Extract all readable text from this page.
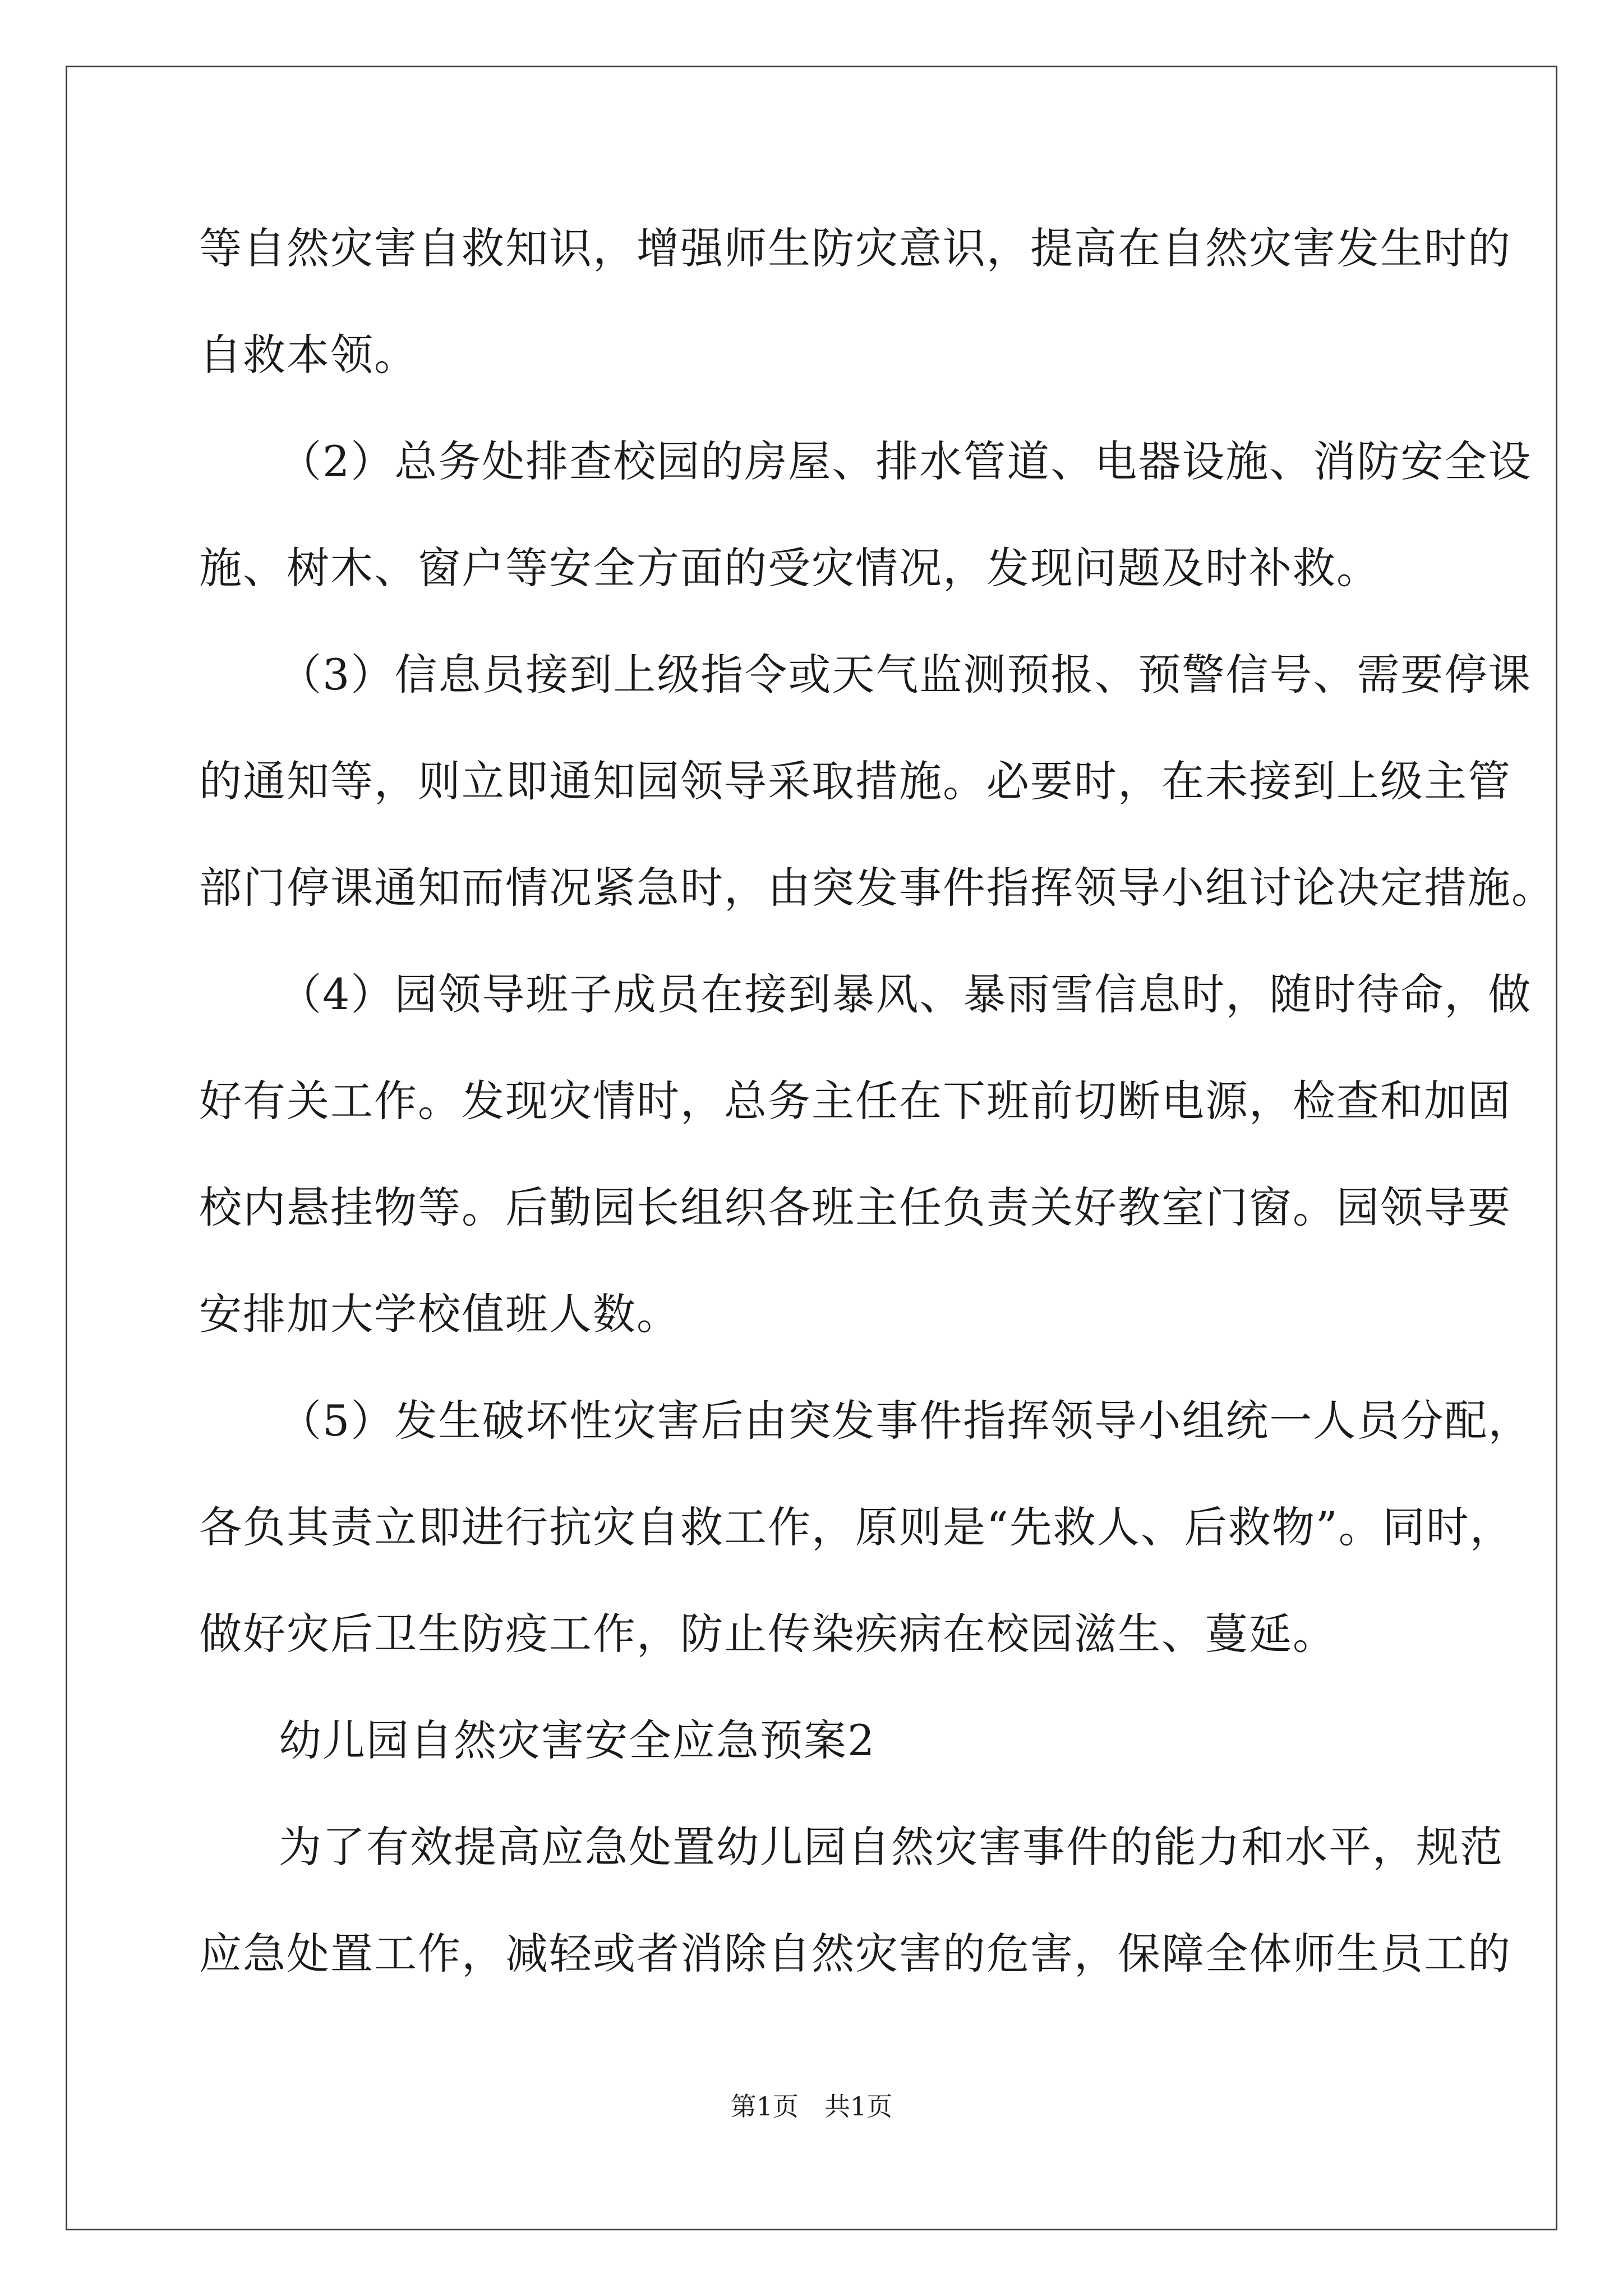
等自然灾害自救知识，增强师生防灾意识，提高在自然灾害发生时的
自救本领。
（2）总务处排查校园的房屋、排水管道、电器设施、消防安全设
施、树木、窗户等安全方面的受灾情况，发现问题及时补救。
（3）信息员接到上级指令或天气监测预报、预警信号、需要停课
的通知等，则立即通知园领导采取措施。必要时，在未接到上级主管
部门停课通知而情况紧急时，由突发事件指挥领导小组讨论决定措施。
（4）园领导班子成员在接到暴风、暴雨雪信息时，随时待命，做
好有关工作。发现灾情时，总务主任在下班前切断电源，检查和加固
校内悬挂物等。后勤园长组织各班主任负责关好教室门窗。园领导要
安排加大学校值班人数。
（5）发生破坏性灾害后由突发事件指挥领导小组统一人员分配，
各负其责立即进行抗灾自救工作，原则是“先救人、后救物”。同时，
做好灾后卫生防疫工作，防止传染疾病在校园滋生、蔓延。
幼儿园自然灾害安全应急预案2
为了有效提高应急处置幼儿园自然灾害事件的能力和水平，规范
应急处置工作，减轻或者消除自然灾害的危害，保障全体师生员工的
第1页　共1页
